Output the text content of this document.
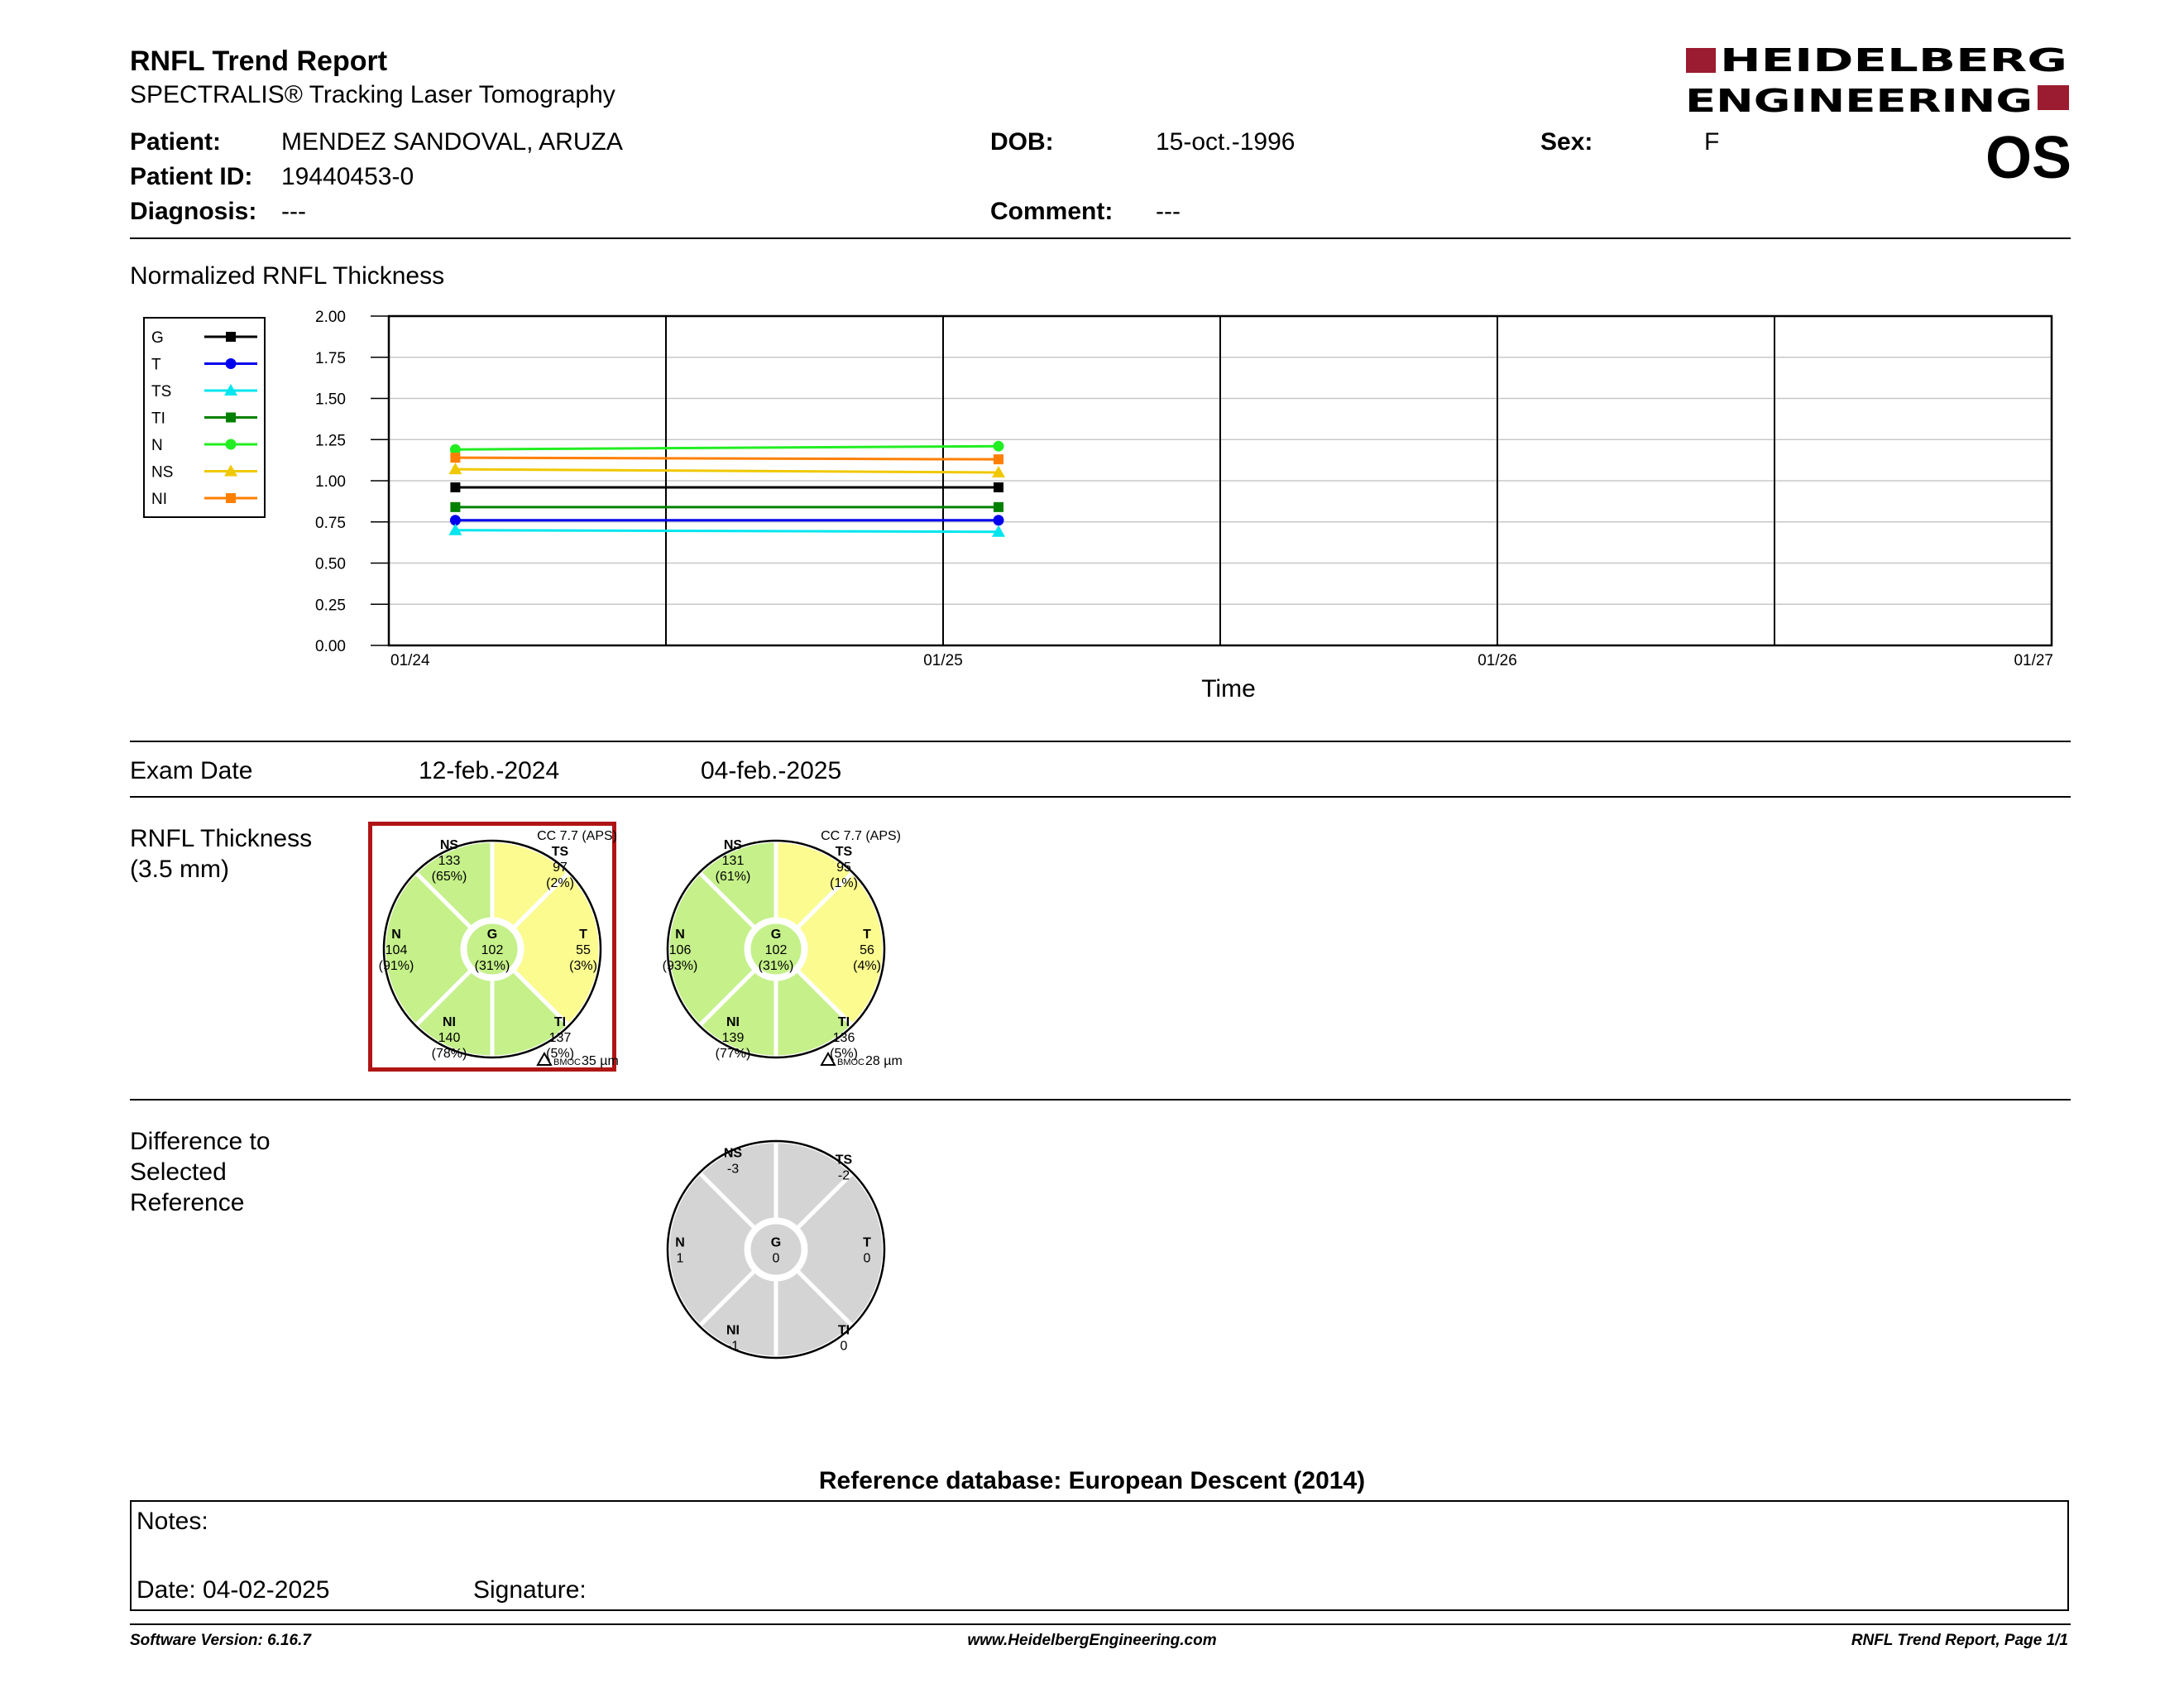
RNFL Trend Report
SPECTRALIS® Tracking Laser Tomography
HEIDELBERG
ENGINEERING
OS
Patient: MENDEZ SANDOVAL, ARUZA
Patient ID: 19440453-0
Diagnosis: ---
DOB:	15-oct.-1996
Comment: ---
Sex:	F
Normalized RNFL Thickness
G
T
TS
TI
N
NS
NI
0.00
0.25
0.50
0.75
1.00
1.25
1.50
1.75
2.00
01/24	01/25	01/26	01/27
Time
Exam Date	12-feb.-2024	04-feb.-2025
RNFL Thickness
(3.5 mm)
T
55
(3%)
TS
97
(2%)
NS
133
(65%)
N
104
(91%)
NI
140
(78%)
TI
137
(5%)
G
102
(31%)
CC 7.7 (APS)
BMOC 35 µm
T
56
(4%)
TS
95
(1%)
NS
131
(61%)
N
106
(93%)
NI
139
(77%)
TI
136
(5%)
G
102
(31%)
CC 7.7 (APS)
BMOC 28 µm
Difference to
Selected
Reference
T
0
TS
-2
NS
-3
N
1
NI
-1
TI
0
G
0
Reference database: European Descent (2014)
Notes:
Date: 04-02-2025	Signature:
Software Version: 6.16.7	www.HeidelbergEngineering.com	RNFL Trend Report, Page 1/1
